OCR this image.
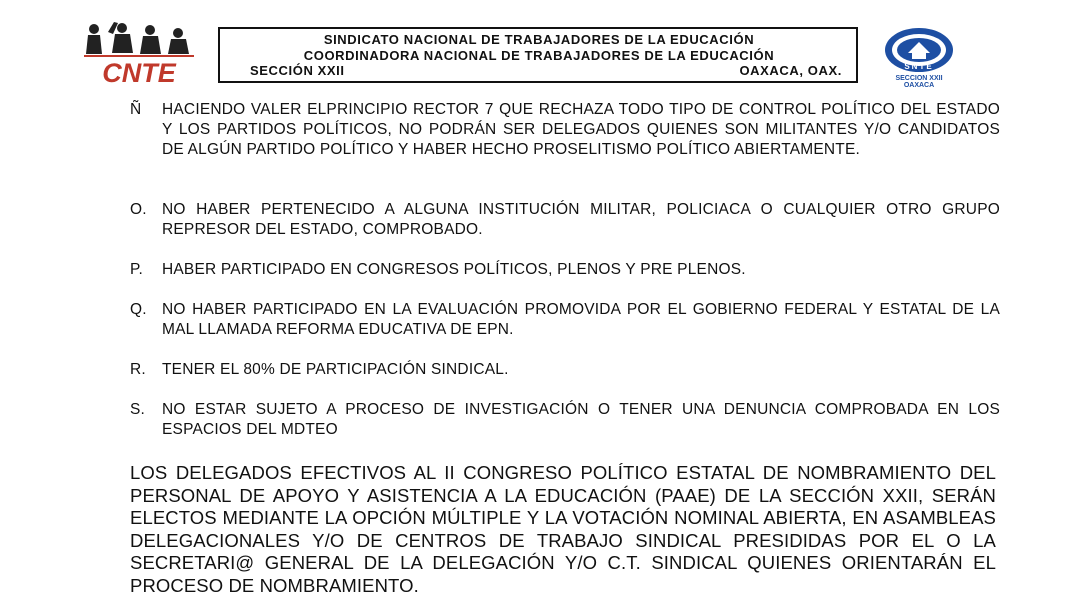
CNTE
SINDICATO NACIONAL DE TRABAJADORES DE LA EDUCACIÓN
COORDINADORA NACIONAL DE TRABAJADORES DE LA EDUCACIÓN
SECCIÓN XXII	OAXACA, OAX.	SNTE
SECCION XXII
OAXACA
Ñ HACIENDO VALER ELPRINCIPIO RECTOR 7 QUE RECHAZA TODO TIPO DE CONTROL POLÍTICO DEL ESTADO Y LOS PARTIDOS POLÍTICOS, NO PODRÁN SER DELEGADOS QUIENES SON MILITANTES Y/O CANDIDATOS DE ALGÚN PARTIDO POLÍTICO Y HABER HECHO PROSELITISMO POLÍTICO ABIERTAMENTE.
O. NO HABER PERTENECIDO A ALGUNA INSTITUCIÓN MILITAR, POLICIACA O CUALQUIER OTRO GRUPO REPRESOR DEL ESTADO, COMPROBADO.
P. HABER PARTICIPADO EN CONGRESOS POLÍTICOS, PLENOS Y PRE PLENOS.
Q. NO HABER PARTICIPADO EN LA EVALUACIÓN PROMOVIDA POR EL GOBIERNO FEDERAL Y ESTATAL DE LA MAL LLAMADA REFORMA EDUCATIVA DE EPN.
R. TENER EL 80% DE PARTICIPACIÓN SINDICAL.
S. NO ESTAR SUJETO A PROCESO DE INVESTIGACIÓN O TENER UNA DENUNCIA COMPROBADA EN LOS ESPACIOS DEL MDTEO
LOS DELEGADOS EFECTIVOS AL II CONGRESO POLÍTICO ESTATAL DE NOMBRAMIENTO DEL PERSONAL DE APOYO Y ASISTENCIA A LA EDUCACIÓN (PAAE) DE LA SECCIÓN XXII, SERÁN ELECTOS MEDIANTE LA OPCIÓN MÚLTIPLE Y LA VOTACIÓN NOMINAL ABIERTA, EN ASAMBLEAS DELEGACIONALES Y/O DE CENTROS DE TRABAJO SINDICAL PRESIDIDAS POR EL O LA SECRETARI@ GENERAL DE LA DELEGACIÓN Y/O C.T. SINDICAL QUIENES ORIENTARÁN EL PROCESO DE NOMBRAMIENTO.
